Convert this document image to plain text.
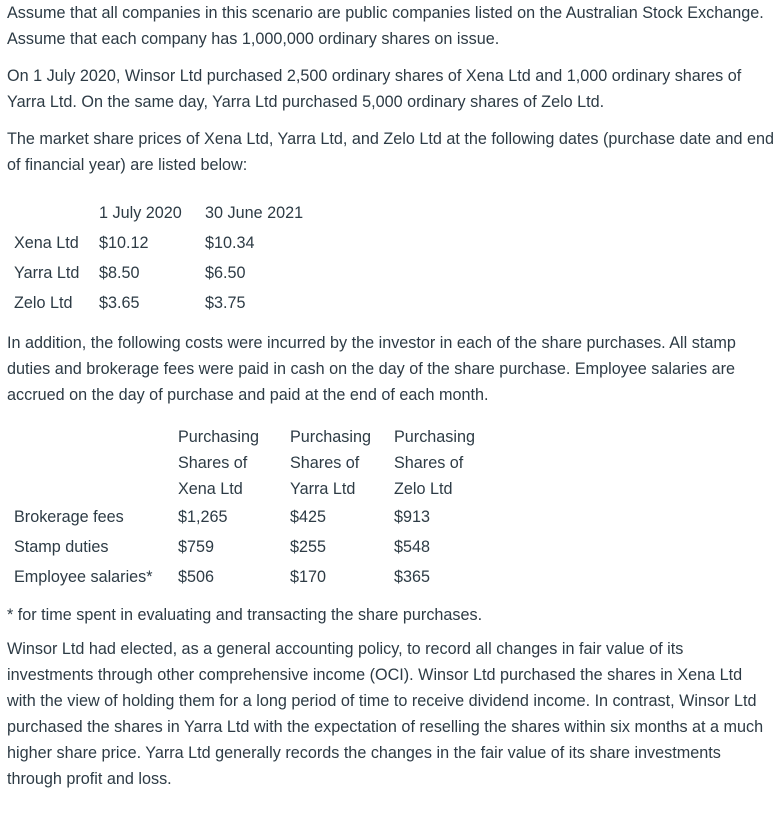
Assume that all companies in this scenario are public companies listed on the Australian Stock Exchange. Assume that each company has 1,000,000 ordinary shares on issue.

On 1 July 2020, Winsor Ltd purchased 2,500 ordinary shares of Xena Ltd and 1,000 ordinary shares of Yarra Ltd. On the same day, Yarra Ltd purchased 5,000 ordinary shares of Zelo Ltd.

The market share prices of Xena Ltd, Yarra Ltd, and Zelo Ltd at the following dates (purchase date and end of financial year) are listed below:

	1 July 2020	30 June 2021
Xena Ltd	$10.12	$10.34
Yarra Ltd	$8.50	$6.50
Zelo Ltd	$3.65	$3.75

In addition, the following costs were incurred by the investor in each of the share purchases. All stamp duties and brokerage fees were paid in cash on the day of the share purchase. Employee salaries are accrued on the day of purchase and paid at the end of each month.

	Purchasing	Purchasing	Purchasing
	Shares of	Shares of	Shares of
	Xena Ltd	Yarra Ltd	Zelo Ltd
Brokerage fees	$1,265	$425	$913
Stamp duties	$759	$255	$548
Employee salaries*	$506	$170	$365

* for time spent in evaluating and transacting the share purchases.

Winsor Ltd had elected, as a general accounting policy, to record all changes in fair value of its investments through other comprehensive income (OCI). Winsor Ltd purchased the shares in Xena Ltd with the view of holding them for a long period of time to receive dividend income. In contrast, Winsor Ltd purchased the shares in Yarra Ltd with the expectation of reselling the shares within six months at a much higher share price. Yarra Ltd generally records the changes in the fair value of its share investments through profit and loss.
